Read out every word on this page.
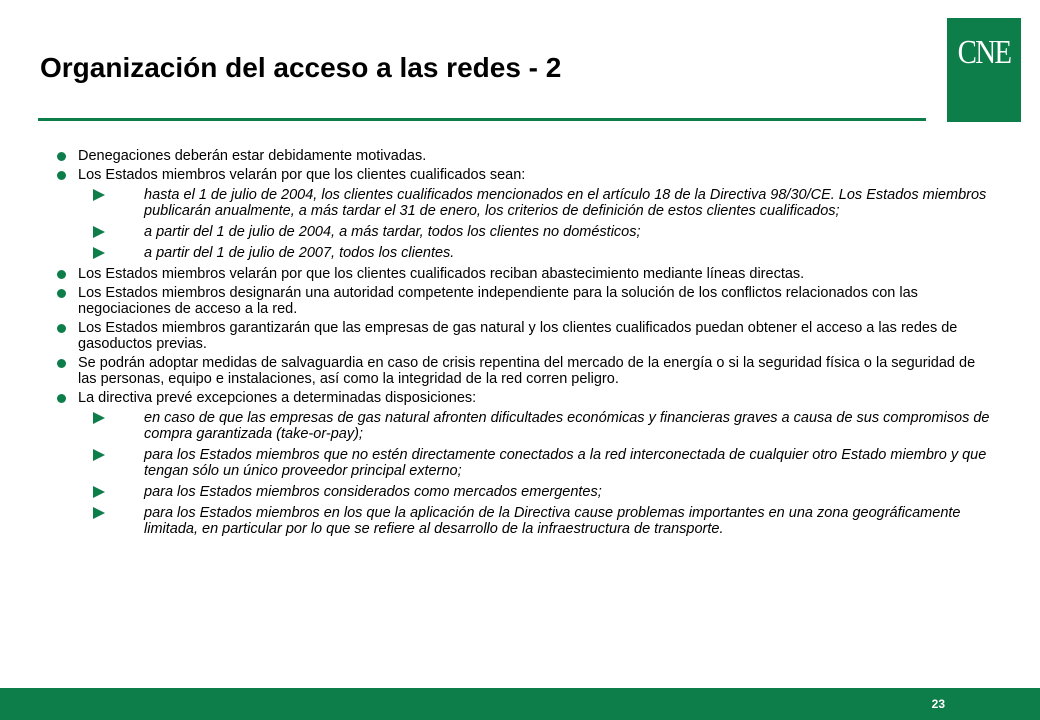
Organización del acceso a las redes - 2	CNE
Denegaciones deberán estar debidamente motivadas.
Los Estados miembros velarán por que los clientes cualificados sean:
hasta el 1 de julio de 2004, los clientes cualificados mencionados en el artículo 18 de la Directiva 98/30/CE. Los Estados miembros publicarán anualmente, a más tardar el 31 de enero, los criterios de definición de estos clientes cualificados;
a partir del 1 de julio de 2004, a más tardar, todos los clientes no domésticos;
a partir del 1 de julio de 2007, todos los clientes.
Los Estados miembros velarán por que los clientes cualificados reciban abastecimiento mediante líneas directas.
Los Estados miembros designarán una autoridad competente independiente para la solución de los conflictos relacionados con las negociaciones de acceso a la red.
Los Estados miembros garantizarán que las empresas de gas natural y los clientes cualificados puedan obtener el acceso a las redes de gasoductos previas.
Se podrán adoptar medidas de salvaguardia en caso de crisis repentina del mercado de la energía o si la seguridad física o la seguridad de las personas, equipo e instalaciones, así como la integridad de la red corren peligro.
La directiva prevé excepciones a determinadas disposiciones:
en caso de que las empresas de gas natural afronten dificultades económicas y financieras graves a causa de sus compromisos de compra garantizada (take-or-pay);
para los Estados miembros que no estén directamente conectados a la red interconectada de cualquier otro Estado miembro y que tengan sólo un único proveedor principal externo;
para los Estados miembros considerados como mercados emergentes;
para los Estados miembros en los que la aplicación de la Directiva cause problemas importantes en una zona geográficamente limitada, en particular por lo que se refiere al desarrollo de la infraestructura de transporte.
23
